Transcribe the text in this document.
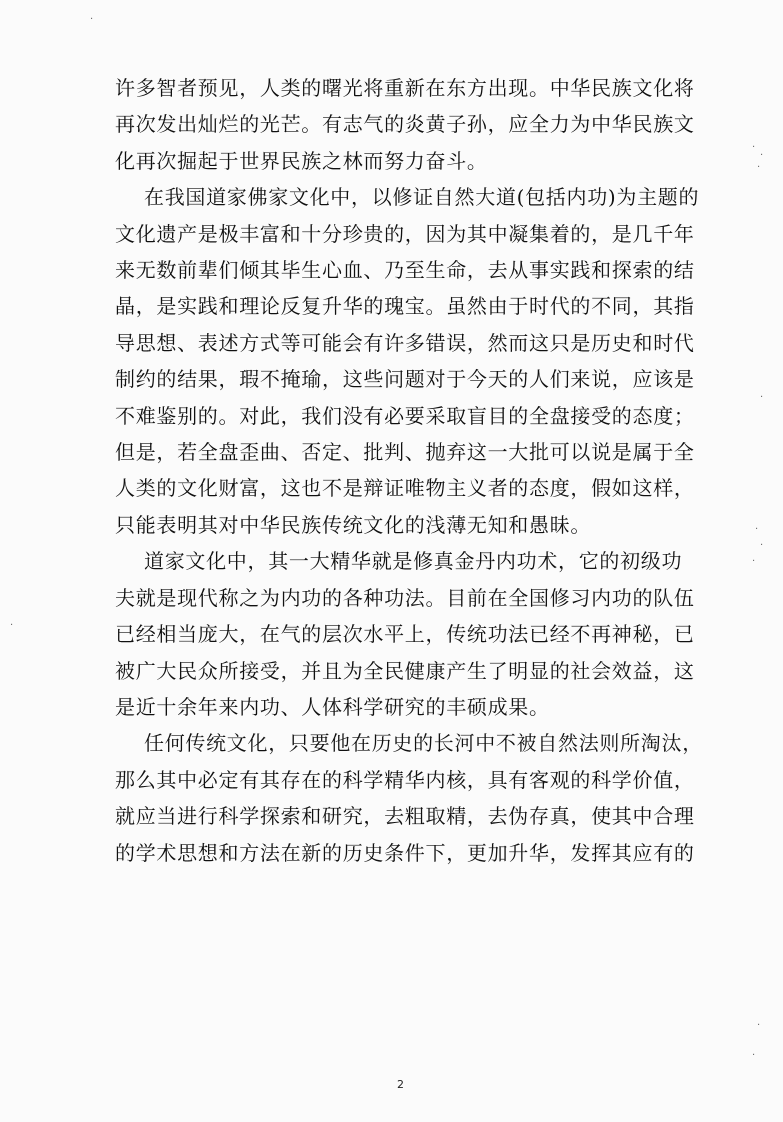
许多智者预见，人类的曙光将重新在东方出现。中华民族文化将
再次发出灿烂的光芒。有志气的炎黄子孙，应全力为中华民族文
化再次掘起于世界民族之林而努力奋斗。
在我国道家佛家文化中，以修证自然大道(包括内功)为主题的
文化遗产是极丰富和十分珍贵的，因为其中凝集着的，是几千年
来无数前辈们倾其毕生心血、乃至生命，去从事实践和探索的结
晶，是实践和理论反复升华的瑰宝。虽然由于时代的不同，其指
导思想、表述方式等可能会有许多错误，然而这只是历史和时代
制约的结果，瑕不掩瑜，这些问题对于今天的人们来说，应该是
不难鉴别的。对此，我们没有必要采取盲目的全盘接受的态度；
但是，若全盘歪曲、否定、批判、抛弃这一大批可以说是属于全
人类的文化财富，这也不是辩证唯物主义者的态度，假如这样，
只能表明其对中华民族传统文化的浅薄无知和愚昧。
道家文化中，其一大精华就是修真金丹内功术，它的初级功
夫就是现代称之为内功的各种功法。目前在全国修习内功的队伍
已经相当庞大，在气的层次水平上，传统功法已经不再神秘，已
被广大民众所接受，并且为全民健康产生了明显的社会效益，这
是近十余年来内功、人体科学研究的丰硕成果。
任何传统文化，只要他在历史的长河中不被自然法则所淘汰，
那么其中必定有其存在的科学精华内核，具有客观的科学价值，
就应当进行科学探索和研究，去粗取精，去伪存真，使其中合理
的学术思想和方法在新的历史条件下，更加升华，发挥其应有的
2
·
·
·
·
·
·
·
·
·
·
·
